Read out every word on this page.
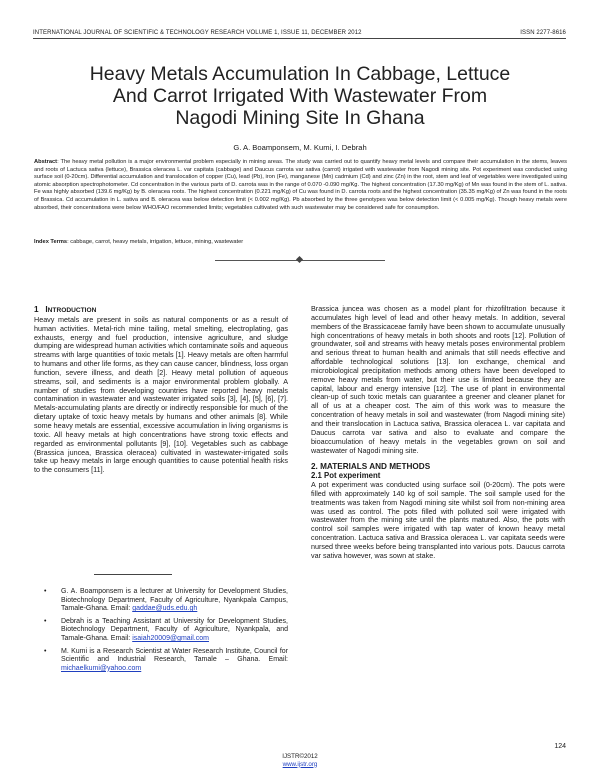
INTERNATIONAL JOURNAL OF SCIENTIFIC & TECHNOLOGY RESEARCH VOLUME 1, ISSUE 11, DECEMBER 2012	ISSN 2277-8616
Heavy Metals Accumulation In Cabbage, Lettuce
And Carrot Irrigated With Wastewater From
Nagodi Mining Site In Ghana
G. A. Boamponsem, M. Kumi, I. Debrah
Abstract: The heavy metal pollution is a major environmental problem especially in mining areas. The study was carried out to quantify heavy metal levels and compare their accumulation in the stems, leaves and roots of Lactuca sativa (lettuce), Brassica oleracea L. var capitata (cabbage) and Daucus carrota var sativa (carrot) irrigated with wastewater from Nagodi mining site. Pot experiment was conducted using surface soil (0-20cm). Differential accumulation and translocation of copper (Cu), lead (Pb), iron (Fe), manganese (Mn) cadmium (Cd) and zinc (Zn) in the root, stem and leaf of vegetables were investigated using atomic absorption spectrophotometer. Cd concentration in the various parts of D. carrota was in the range of 0.070 -0.090 mg/Kg. The highest concentration (17.30 mg/Kg) of Mn was found in the stem of L. sativa. Fe was highly absorbed (139.6 mg/Kg) by B. oleracea roots. The highest concentration (0.221 mg/Kg) of Cu was found in D. carrota roots and the highest concentration (35.35 mg/Kg) of Zn was found in the roots of Brassica. Cd accumulation in L. sativa and B. oleracea was below detection limit (< 0.002 mg/Kg). Pb absorbed by the three genotypes was below detection limit (< 0.005 mg/Kg). Though heavy metals were absorbed, their concentrations were below WHO/FAO recommended limits; vegetables cultivated with such wastewater may be considered safe for consumption.
Index Terms: cabbage, carrot, heavy metals, irrigation, lettuce, mining, wastewater

1 INTRODUCTION

Heavy metals are present in soils as natural components or as a result of human activities. Metal-rich mine tailing, metal smelting, electroplating, gas exhausts, energy and fuel production, intensive agriculture, and sludge dumping are widespread human activities which contaminate soils and aqueous streams with large quantities of toxic metals [1]. Heavy metals are often harmful to humans and other life forms, as they can cause cancer, blindness, loss organ function, severe illness, and death [2]. Heavy metal pollution of aqueous streams, soil, and sediments is a major environmental problem globally. A number of studies from developing countries have reported heavy metals contamination in wastewater and wastewater irrigated soils [3], [4], [5], [6], [7]. Metals-accumulating plants are directly or indirectly responsible for much of the dietary uptake of toxic heavy metals by humans and other animals [8]. While some heavy metals are essential, excessive accumulation in living organisms is toxic. All heavy metals at high concentrations have strong toxic effects and regarded as environmental pollutants [9], [10]. Vegetables such as cabbage (Brassica juncea, Brassica oleracea) cultivated in wastewater-irrigated soils take up heavy metals in large enough quantities to cause potential health risks to the consumers [11].

• G. A. Boamponsem is a lecturer at University for Development Studies, Biotechnology Department, Faculty of Agriculture, Nyankpala Campus, Tamale-Ghana. Email: gaddae@uds.edu.gh
• Debrah is a Teaching Assistant at University for Development Studies, Biotechnology Department, Faculty of Agriculture, Nyankpala, and Tamale-Ghana. Email: isaiah20009@gmail.com
• M. Kumi is a Research Scientist at Water Research Institute, Council for Scientific and Industrial Research, Tamale – Ghana. Email: michaelkumi@yahoo.com

Brassica juncea was chosen as a model plant for rhizofiltration because it accumulates high level of lead and other heavy metals. In addition, several members of the Brassicaceae family have been shown to accumulate unusually high concentrations of heavy metals in both shoots and roots [12]. Pollution of groundwater, soil and streams with heavy metals poses environmental problem and serious threat to human health and animals that still needs effective and affordable technological solutions [13]. Ion exchange, chemical and microbiological precipitation methods among others have been developed to remove heavy metals from water, but their use is limited because they are capital, labour and energy intensive [12]. The use of plant in environmental clean-up of such toxic metals can guarantee a greener and cleaner planet for all of us at a cheaper cost. The aim of this work was to measure the concentration of heavy metals in soil and wastewater (from Nagodi mining site) and their translocation in Lactuca sativa, Brassica oleracea L. var capitata and Daucus carrota var sativa and also to evaluate and compare the bioaccumulation of heavy metals in the vegetables grown on soil and wastewater of Nagodi mining site.

2. MATERIALS AND METHODS

2.1 Pot experiment

A pot experiment was conducted using surface soil (0-20cm). The pots were filled with approximately 140 kg of soil sample. The soil sample used for the treatments was taken from Nagodi mining site whilst soil from non-mining area was used as control. The pots filled with polluted soil were irrigated with wastewater from the mining site until the plants matured. Also, the pots with control soil samples were irrigated with tap water of known heavy metal concentration. Lactuca sativa and Brassica oleracea L. var capitata seeds were nursed three weeks before being transplanted into various pots. Daucus carrota var sativa however, was sown at stake.

124
IJSTR©2012
www.ijstr.org
